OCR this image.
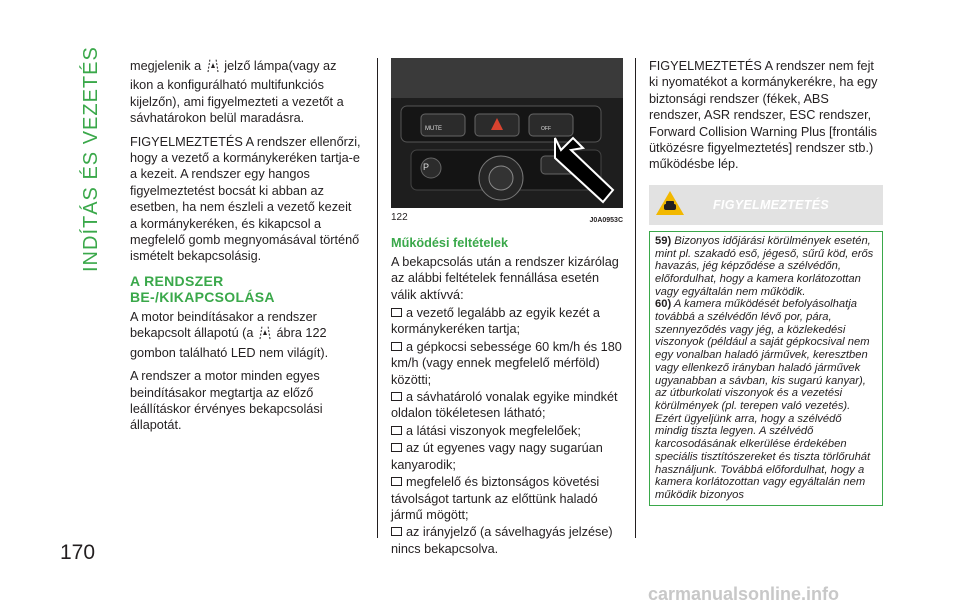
INDÍTÁS ÉS VEZETÉS
170

megjelenik a jelző lámpa(vagy az ikon a konfigurálható multifunkciós kijelzőn), ami figyelmezteti a vezetőt a sávhatárokon belül maradásra.

FIGYELMEZTETÉS A rendszer ellenőrzi, hogy a vezető a kormánykeréken tartja-e a kezeit. A rendszer egy hangos figyelmeztetést bocsát ki abban az esetben, ha nem észleli a vezető kezeit a kormánykeréken, és kikapcsol a megfelelő gomb megnyomásával történő ismételt bekapcsolásig.

A RENDSZER BE-/KIKAPCSOLÁSA

A motor beindításakor a rendszer bekapcsolt állapotú (a ábra 122 gombon található LED nem világít).

A rendszer a motor minden egyes beindításakor megtartja az előző leállításkor érvényes bekapcsolási állapotát.

MUTE
P
OFF
122	J0A0953C
Működési feltételek

A bekapcsolás után a rendszer kizárólag az alábbi feltételek fennállása esetén válik aktívvá:

a vezető legalább az egyik kezét a kormánykeréken tartja;
a gépkocsi sebessége 60 km/h és 180 km/h (vagy ennek megfelelő mérföld) közötti;
a sávhatároló vonalak egyike mindkét oldalon tökéletesen látható;
a látási viszonyok megfelelőek;
az út egyenes vagy nagy sugarúan kanyarodik;
megfelelő és biztonságos követési távolságot tartunk az előttünk haladó jármű mögött;
az irányjelző (a sávelhagyás jelzése) nincs bekapcsolva.

FIGYELMEZTETÉS A rendszer nem fejt ki nyomatékot a kormánykerékre, ha egy biztonsági rendszer (fékek, ABS rendszer, ASR rendszer, ESC rendszer, Forward Collision Warning Plus [frontális ütközésre figyelmeztetés] rendszer stb.) működésbe lép.

FIGYELMEZTETÉS
59) Bizonyos időjárási körülmények esetén, mint pl. szakadó eső, jégeső, sűrű köd, erős havazás, jég képződése a szélvédőn, előfordulhat, hogy a kamera korlátozottan vagy egyáltalán nem működik.
60) A kamera működését befolyásolhatja továbbá a szélvédőn lévő por, pára, szennyeződés vagy jég, a közlekedési viszonyok (például a saját gépkocsival nem egy vonalban haladó járművek, keresztben vagy ellenkező irányban haladó járművek ugyanabban a sávban, kis sugarú kanyar), az útburkolati viszonyok és a vezetési körülmények (pl. terepen való vezetés). Ezért ügyeljünk arra, hogy a szélvédő mindig tiszta legyen. A szélvédő karcosodásának elkerülése érdekében speciális tisztítószereket és tiszta törlőruhát használjunk. Továbbá előfordulhat, hogy a kamera korlátozottan vagy egyáltalán nem működik bizonyos
carmanualsonline.info
